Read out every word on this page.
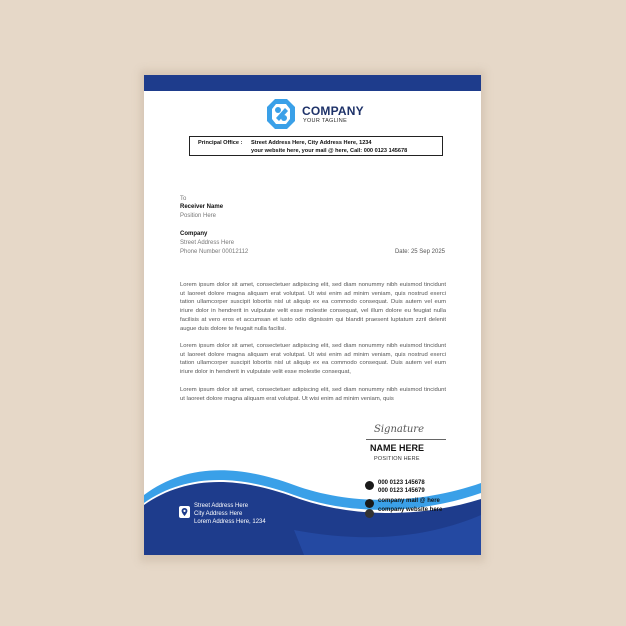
COMPANY
YOUR TAGLINE
Principal Office : Street Address Here, City Address Here, 1234
your website here, your mail @ here, Call: 000 0123 145678
To
Receiver Name
Position Here
Company
Street Address Here
Phone Number 00012112	Date: 25 Sep 2025

Lorem ipsum dolor sit amet, consectetuer adipiscing elit, sed diam nonummy nibh euismod tincidunt ut laoreet dolore magna aliquam erat volutpat. Ut wisi enim ad minim veniam, quis nostrud exerci tation ullamcorper suscipit lobortis nisl ut aliquip ex ea commodo consequat. Duis autem vel eum iriure dolor in hendrerit in vulputate velit esse molestie consequat, vel illum dolore eu feugiat nulla facilisis at vero eros et accumsan et iusto odio dignissim qui blandit praesent luptatum zzril delenit augue duis dolore te feugait nulla facilisi.

Lorem ipsum dolor sit amet, consectetuer adipiscing elit, sed diam nonummy nibh euismod tincidunt ut laoreet dolore magna aliquam erat volutpat. Ut wisi enim ad minim veniam, quis nostrud exerci tation ullamcorper suscipit lobortis nisl ut aliquip ex ea commodo consequat. Duis autem vel eum iriure dolor in hendrerit in vulputate velit esse molestie consequat,

Lorem ipsum dolor sit amet, consectetuer adipiscing elit, sed diam nonummy nibh euismod tincidunt ut laoreet dolore magna aliquam erat volutpat. Ut wisi enim ad minim veniam, quis

Signature
NAME HERE
POSITION HERE
000 0123 145678
000 0123 145679
company mail @ here
company website here
Street Address Here
City Address Here
Lorem Address Here, 1234
